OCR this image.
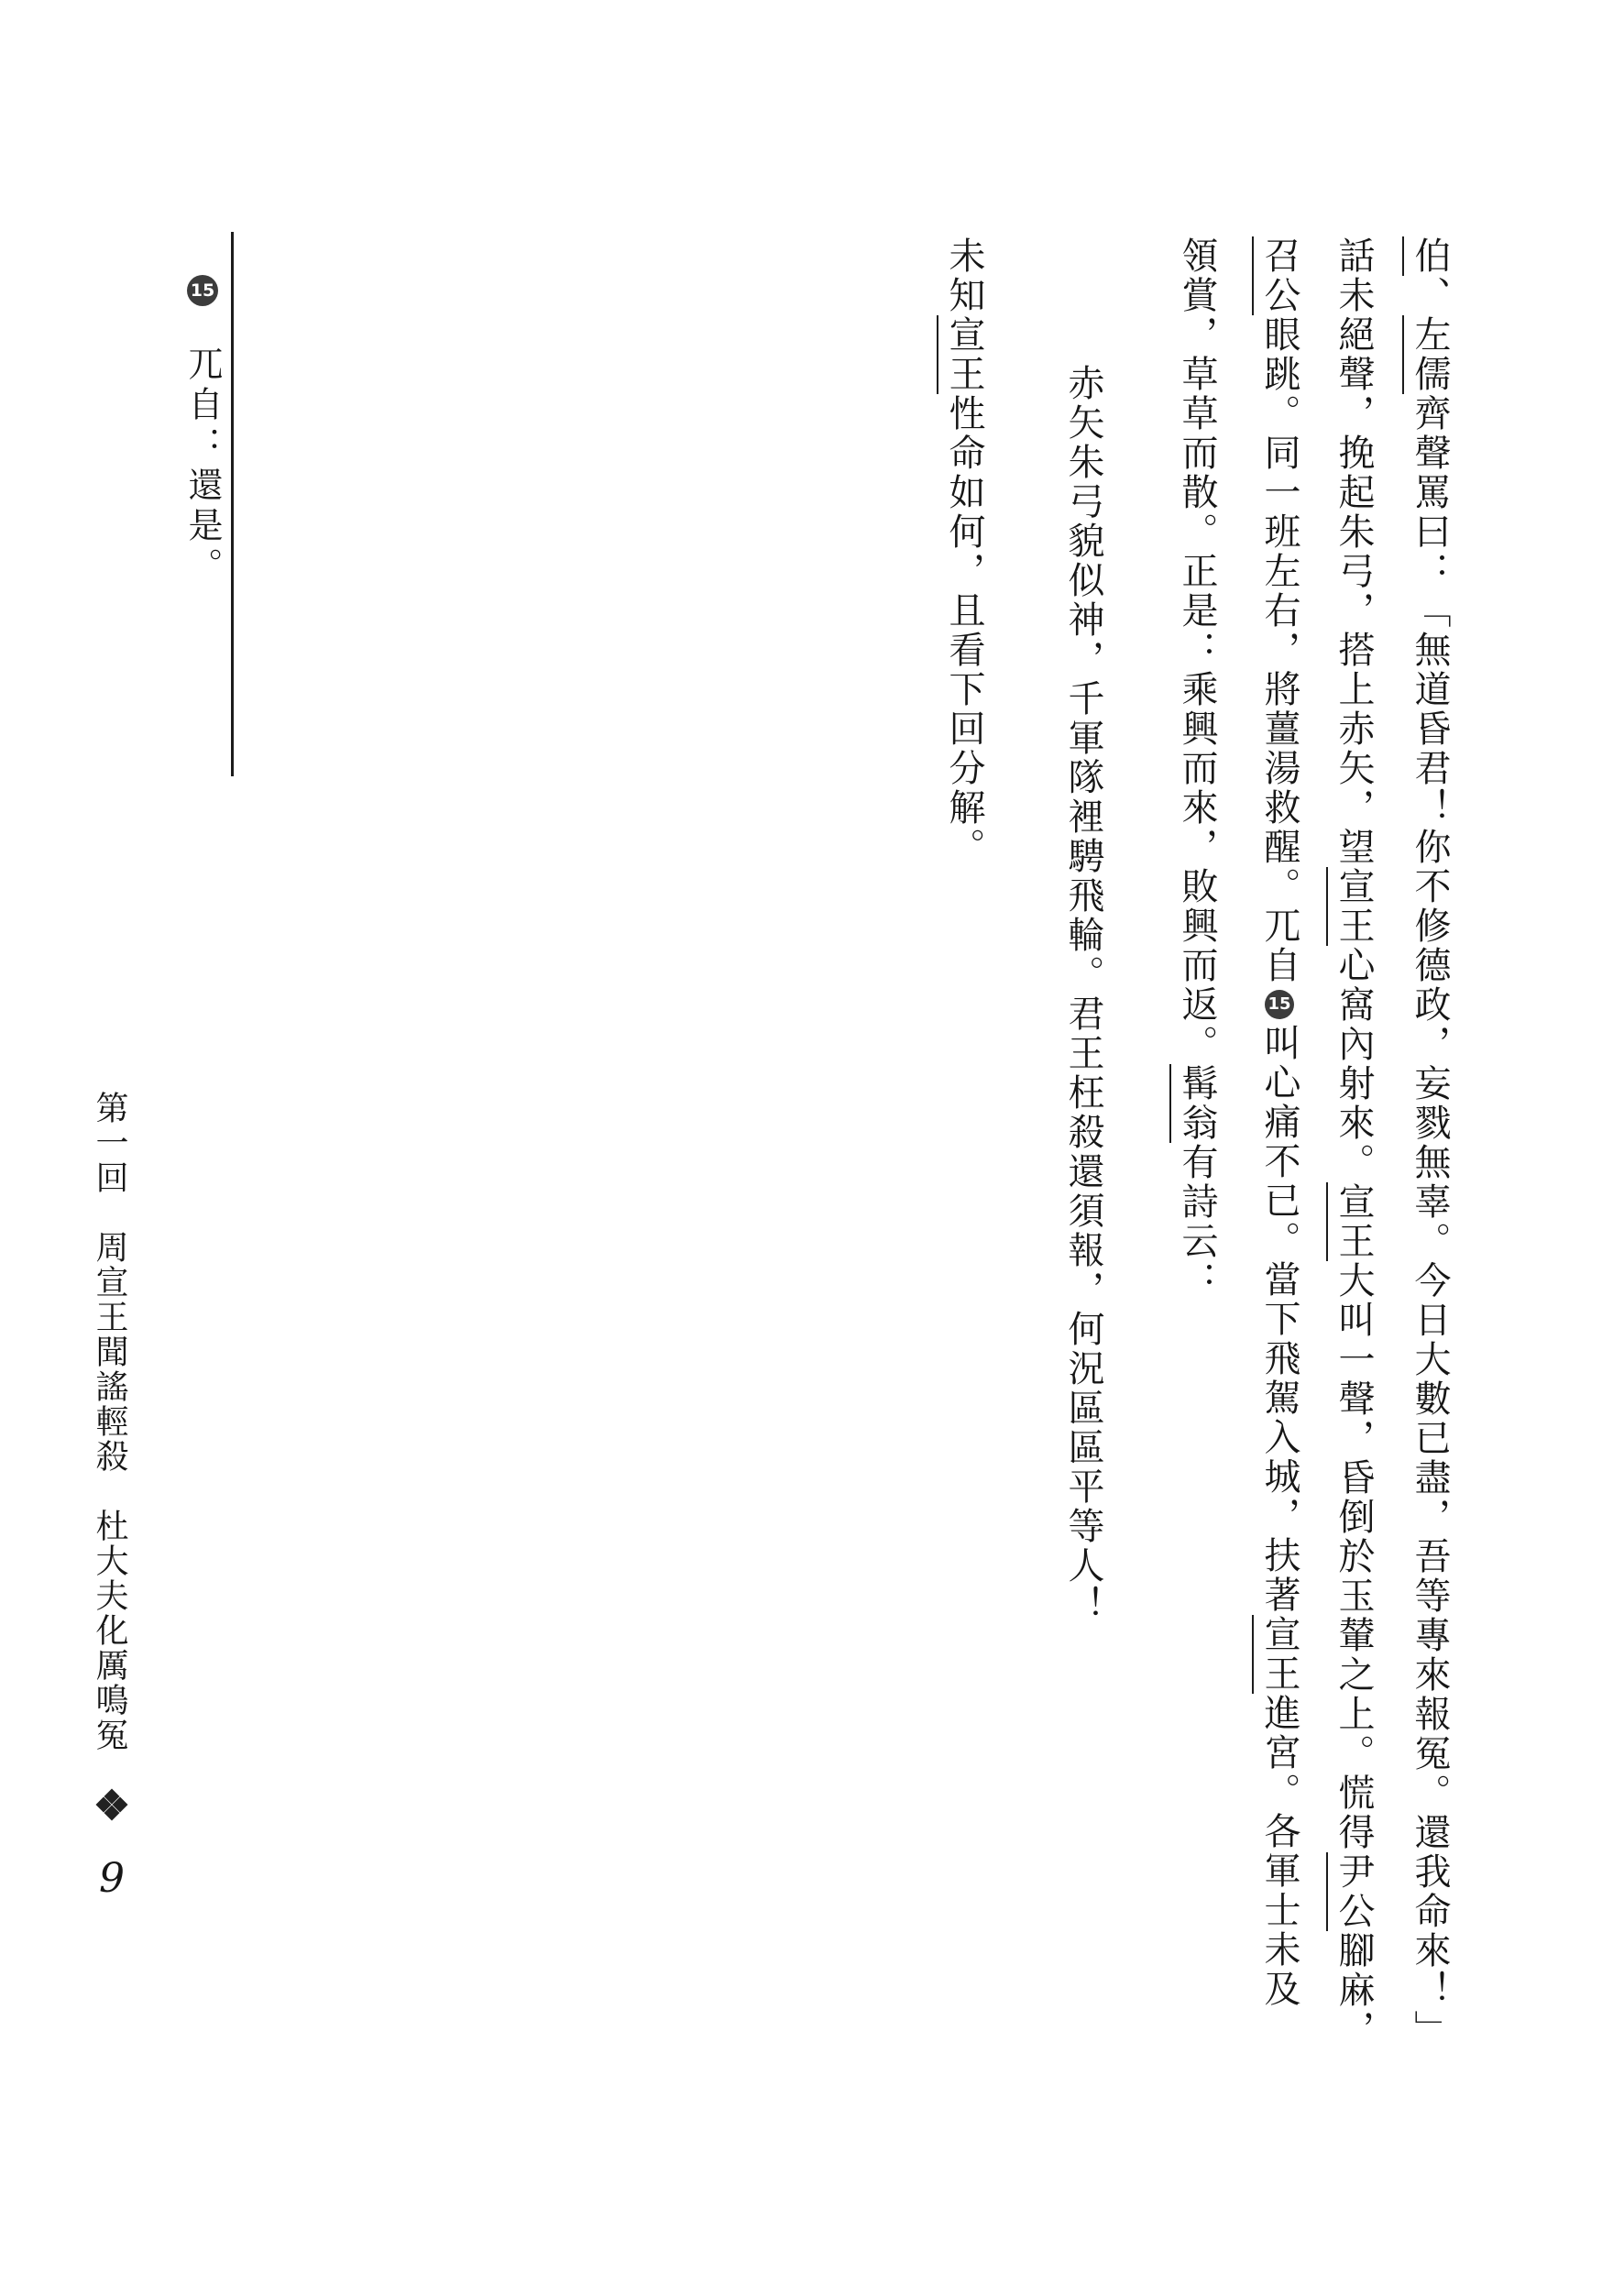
伯、左儒齊聲罵曰：「無道昏君！你不修德政，妄戮無辜。今日大數已盡，吾等專來報冤。還我命來！」
話未絕聲，挽起朱弓，搭上赤矢，望宣王心窩內射來。宣王大叫一聲，昏倒於玉輦之上。慌得尹公腳麻，
召公眼跳。同一班左右，將薑湯救醒。兀自15叫心痛不已。當下飛駕入城，扶著宣王進宮。各軍士未及
領賞，草草而散。正是：乘興而來，敗興而返。髯翁有詩云：
赤矢朱弓貌似神，千軍隊裡騁飛輪。君王枉殺還須報，何況區區平等人！
未知宣王性命如何，且看下回分解。
15
兀自：還是。
第一回　周宣王聞謠輕殺　杜大夫化厲鳴冤
9
